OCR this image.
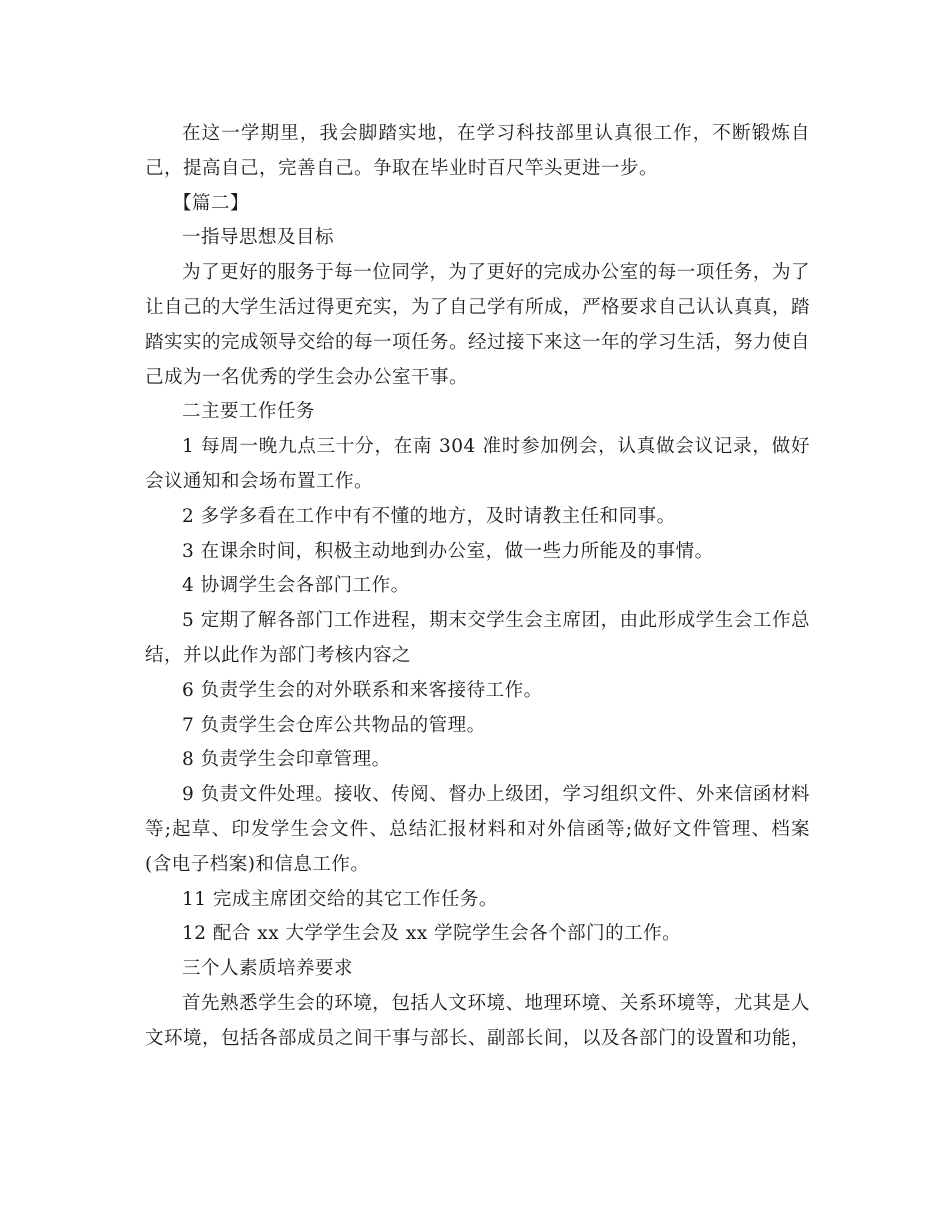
在这一学期里，我会脚踏实地，在学习科技部里认真很工作，不断锻炼自己，提高自己，完善自己。争取在毕业时百尺竿头更进一步。

【篇二】

一指导思想及目标

为了更好的服务于每一位同学，为了更好的完成办公室的每一项任务，为了让自己的大学生活过得更充实，为了自己学有所成，严格要求自己认认真真，踏踏实实的完成领导交给的每一项任务。经过接下来这一年的学习生活，努力使自己成为一名优秀的学生会办公室干事。

二主要工作任务

1 每周一晚九点三十分，在南 304 准时参加例会，认真做会议记录，做好会议通知和会场布置工作。

2 多学多看在工作中有不懂的地方，及时请教主任和同事。

3 在课余时间，积极主动地到办公室，做一些力所能及的事情。

4 协调学生会各部门工作。

5 定期了解各部门工作进程，期末交学生会主席团，由此形成学生会工作总结，并以此作为部门考核内容之

6 负责学生会的对外联系和来客接待工作。

7 负责学生会仓库公共物品的管理。

8 负责学生会印章管理。

9 负责文件处理。接收、传阅、督办上级团，学习组织文件、外来信函材料等;起草、印发学生会文件、总结汇报材料和对外信函等;做好文件管理、档案(含电子档案)和信息工作。

11 完成主席团交给的其它工作任务。

12 配合 xx 大学学生会及 xx 学院学生会各个部门的工作。

三个人素质培养要求

首先熟悉学生会的环境，包括人文环境、地理环境、关系环境等，尤其是人文环境，包括各部成员之间干事与部长、副部长间，以及各部门的设置和功能，
